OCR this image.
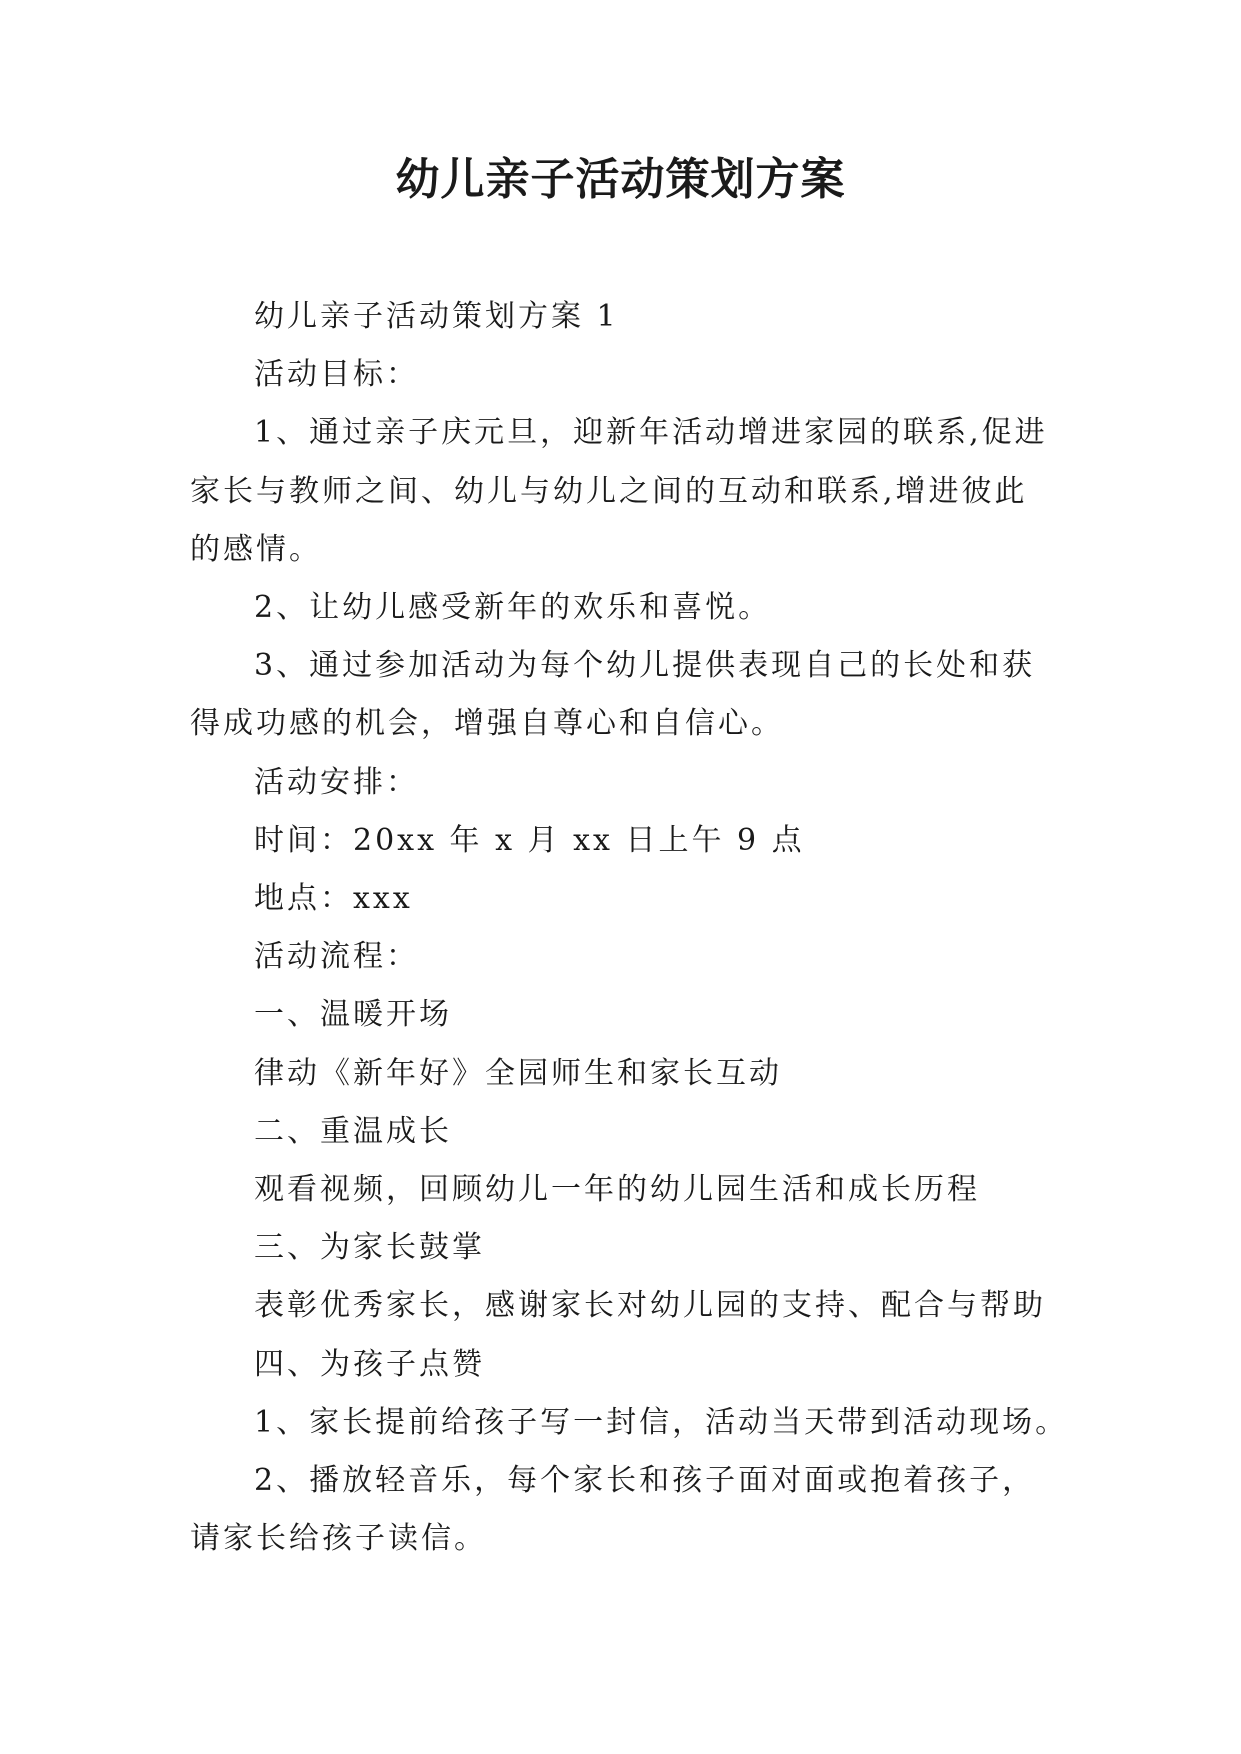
幼儿亲子活动策划方案
幼儿亲子活动策划方案 1
活动目标：
1、通过亲子庆元旦，迎新年活动增进家园的联系,促进
家长与教师之间、幼儿与幼儿之间的互动和联系,增进彼此
的感情。
2、让幼儿感受新年的欢乐和喜悦。
3、通过参加活动为每个幼儿提供表现自己的长处和获
得成功感的机会，增强自尊心和自信心。
活动安排：
时间：20xx 年 x 月 xx 日上午 9 点
地点：xxx
活动流程：
一、温暖开场
律动《新年好》全园师生和家长互动
二、重温成长
观看视频，回顾幼儿一年的幼儿园生活和成长历程
三、为家长鼓掌
表彰优秀家长，感谢家长对幼儿园的支持、配合与帮助
四、为孩子点赞
1、家长提前给孩子写一封信，活动当天带到活动现场。
2、播放轻音乐，每个家长和孩子面对面或抱着孩子，
请家长给孩子读信。
